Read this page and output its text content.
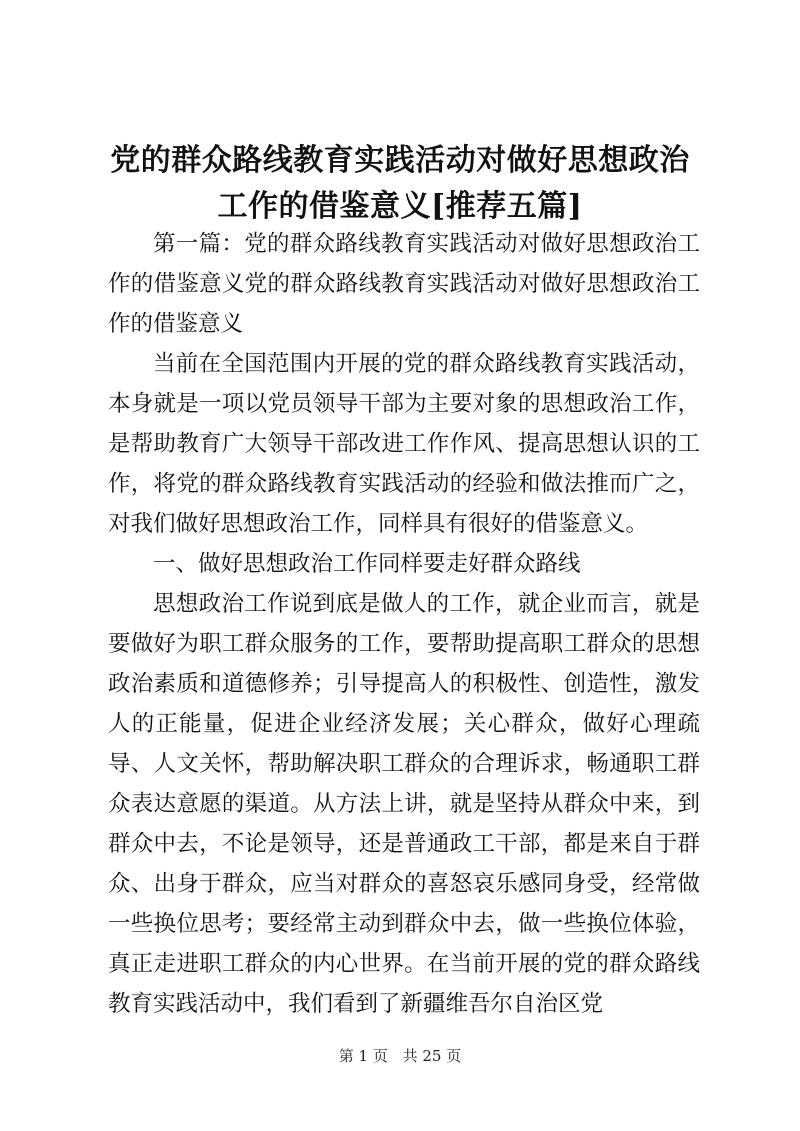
党的群众路线教育实践活动对做好思想政治工作的借鉴意义[推荐五篇]

第一篇：党的群众路线教育实践活动对做好思想政治工作的借鉴意义党的群众路线教育实践活动对做好思想政治工作的借鉴意义

当前在全国范围内开展的党的群众路线教育实践活动，本身就是一项以党员领导干部为主要对象的思想政治工作，是帮助教育广大领导干部改进工作作风、提高思想认识的工作，将党的群众路线教育实践活动的经验和做法推而广之，对我们做好思想政治工作，同样具有很好的借鉴意义。

一、做好思想政治工作同样要走好群众路线

思想政治工作说到底是做人的工作，就企业而言，就是要做好为职工群众服务的工作，要帮助提高职工群众的思想政治素质和道德修养；引导提高人的积极性、创造性，激发人的正能量，促进企业经济发展；关心群众，做好心理疏导、人文关怀，帮助解决职工群众的合理诉求，畅通职工群众表达意愿的渠道。从方法上讲，就是坚持从群众中来，到群众中去，不论是领导，还是普通政工干部，都是来自于群众、出身于群众，应当对群众的喜怒哀乐感同身受，经常做一些换位思考；要经常主动到群众中去，做一些换位体验，真正走进职工群众的内心世界。在当前开展的党的群众路线教育实践活动中，我们看到了新疆维吾尔自治区党

第 1 页 共 25 页
